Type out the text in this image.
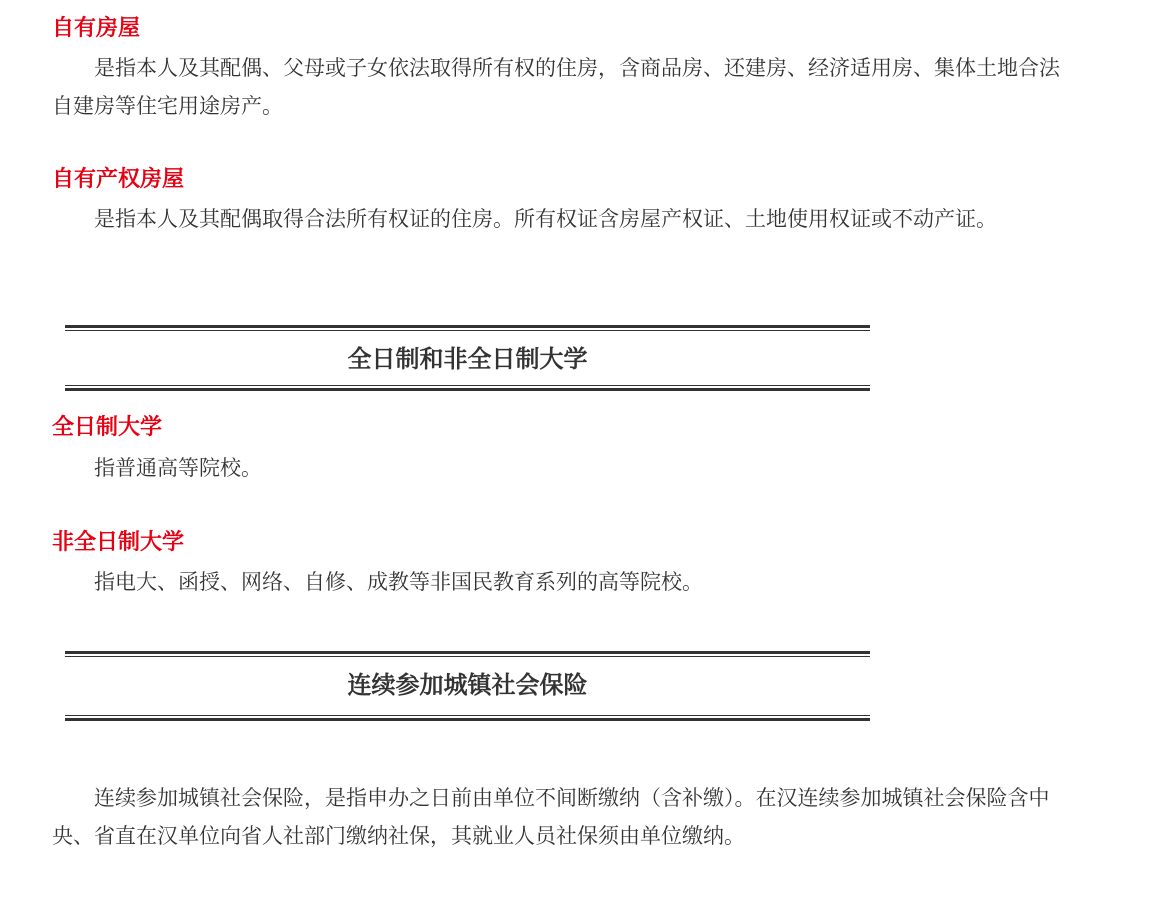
自有房屋

是指本人及其配偶、父母或子女依法取得所有权的住房，含商品房、还建房、经济适用房、集体土地合法自建房等住宅用途房产。

自有产权房屋

是指本人及其配偶取得合法所有权证的住房。所有权证含房屋产权证、土地使用权证或不动产证。

全日制和非全日制大学
全日制大学

指普通高等院校。

非全日制大学

指电大、函授、网络、自修、成教等非国民教育系列的高等院校。

连续参加城镇社会保险

连续参加城镇社会保险，是指申办之日前由单位不间断缴纳（含补缴）。在汉连续参加城镇社会保险含中央、省直在汉单位向省人社部门缴纳社保，其就业人员社保须由单位缴纳。
